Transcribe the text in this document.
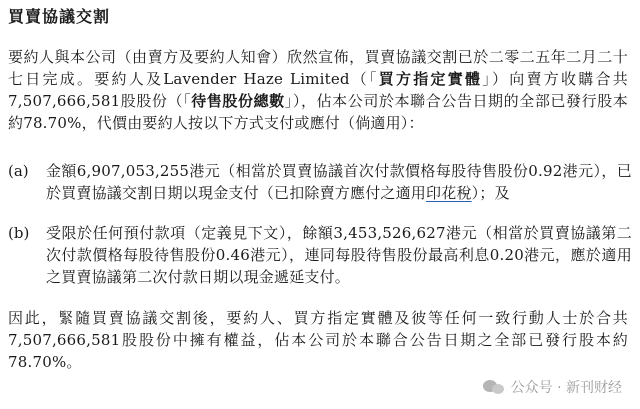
買賣協議交割
要約人與本公司（由賣方及要約人知會）欣然宣佈，買賣協議交割已於二零二五年二月二十七日完成。要約人及Lavender Haze Limited（「買方指定實體」）向賣方收購合共7,507,666,581股股份（「待售股份總數」），佔本公司於本聯合公告日期的全部已發行股本約78.70%，代價由要約人按以下方式支付或應付（倘適用）：
(a)	金額6,907,053,255港元（相當於買賣協議首次付款價格每股待售股份0.92港元），已於買賣協議交割日期以現金支付（已扣除賣方應付之適用印花稅）；及
(b)	受限於任何預付款項（定義見下文），餘額3,453,526,627港元（相當於買賣協議第二次付款價格每股待售股份0.46港元），連同每股待售股份最高利息0.20港元，應於適用之買賣協議第二次付款日期以現金遞延支付。
因此，緊隨買賣協議交割後，要約人、買方指定實體及彼等任何一致行動人士於合共7,507,666,581股股份中擁有權益，佔本公司於本聯合公告日期之全部已發行股本約78.70%。
公众号 · 新刊财经
